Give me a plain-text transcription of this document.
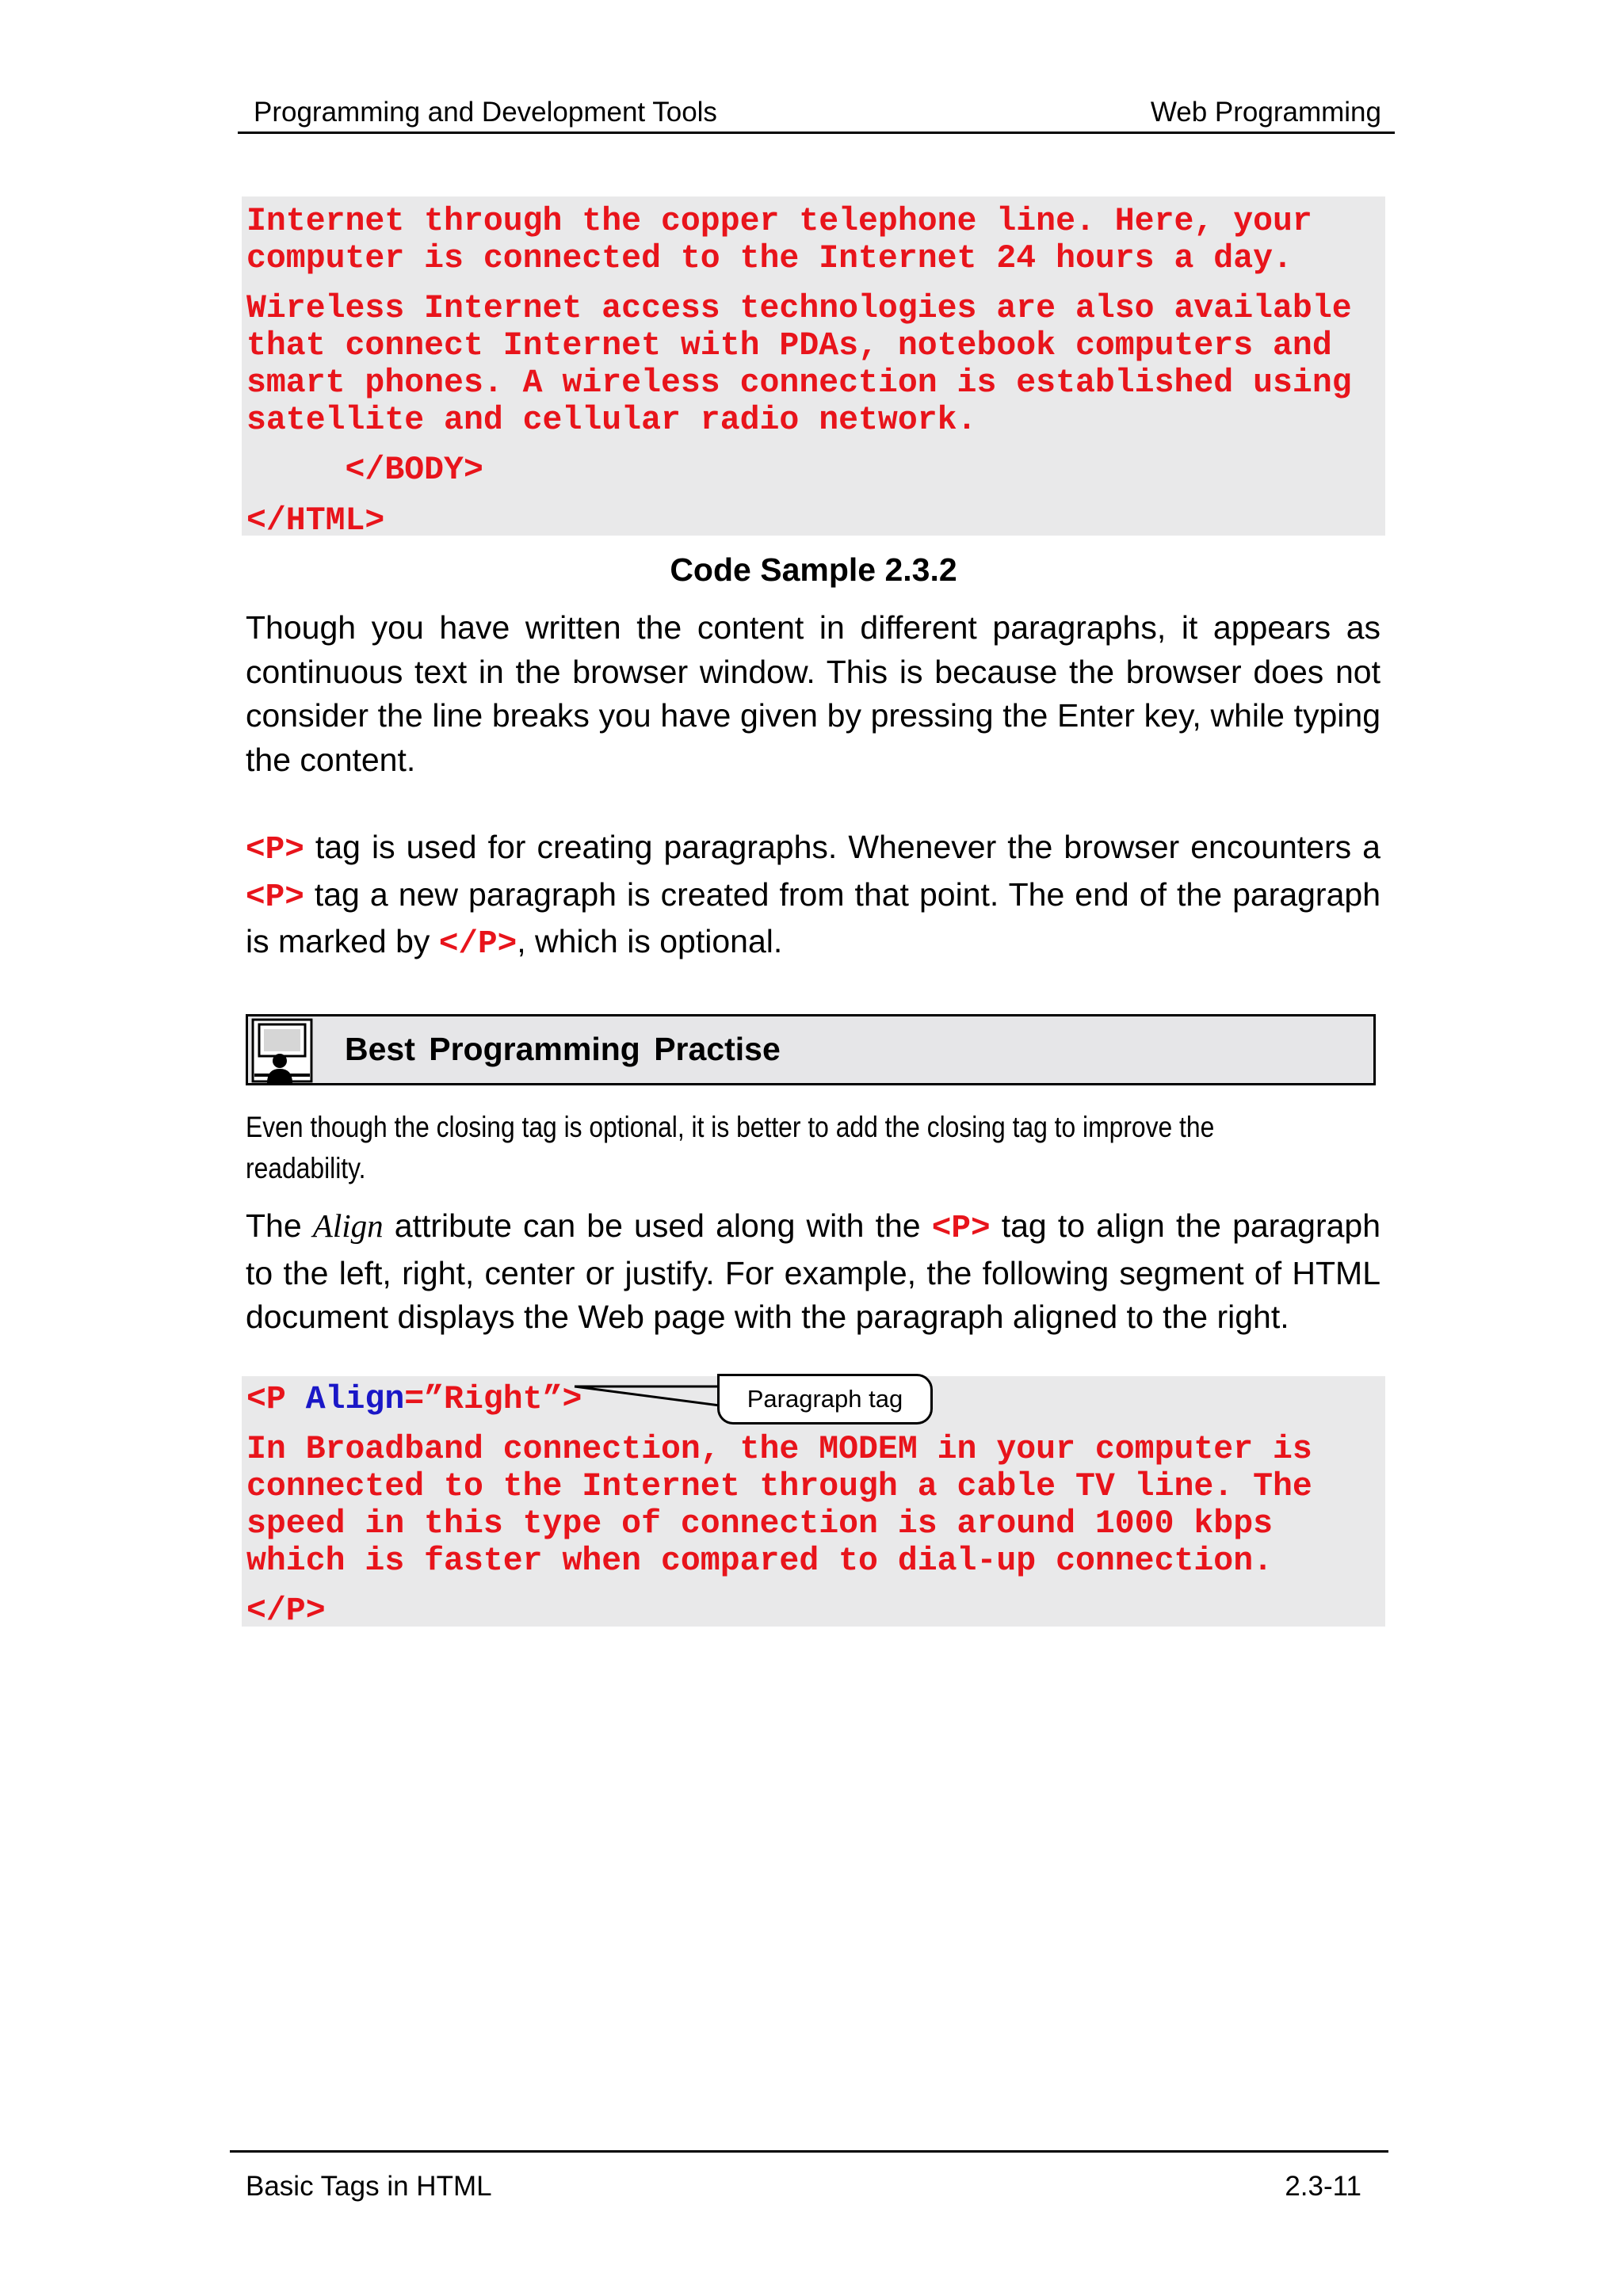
Programming and Development Tools	Web Programming
Internet through the copper telephone line. Here, your
computer is connected to the Internet 24 hours a day.
Wireless Internet access technologies are also available
that connect Internet with PDAs, notebook computers and
smart phones. A wireless connection is established using
satellite and cellular radio network.
</BODY>
</HTML>
Code Sample 2.3.2
Though you have written the content in different paragraphs, it appears as continuous text in the browser window. This is because the browser does not consider the line breaks you have given by pressing the Enter key, while typing the content.
<P> tag is used for creating paragraphs. Whenever the browser encounters a <P> tag a new paragraph is created from that point. The end of the paragraph is marked by </P>, which is optional.
Best Programming Practise
Even though the closing tag is optional, it is better to add the closing tag to improve the
readability.
The Align attribute can be used along with the <P> tag to align the paragraph to the left, right, center or justify. For example, the following segment of HTML document displays the Web page with the paragraph aligned to the right.
<P Align=”Right”>
In Broadband connection, the MODEM in your computer is
connected to the Internet through a cable TV line. The
speed in this type of connection is around 1000 kbps
which is faster when compared to dial-up connection.
</P>
Paragraph tag
Basic Tags in HTML	2.3-11
